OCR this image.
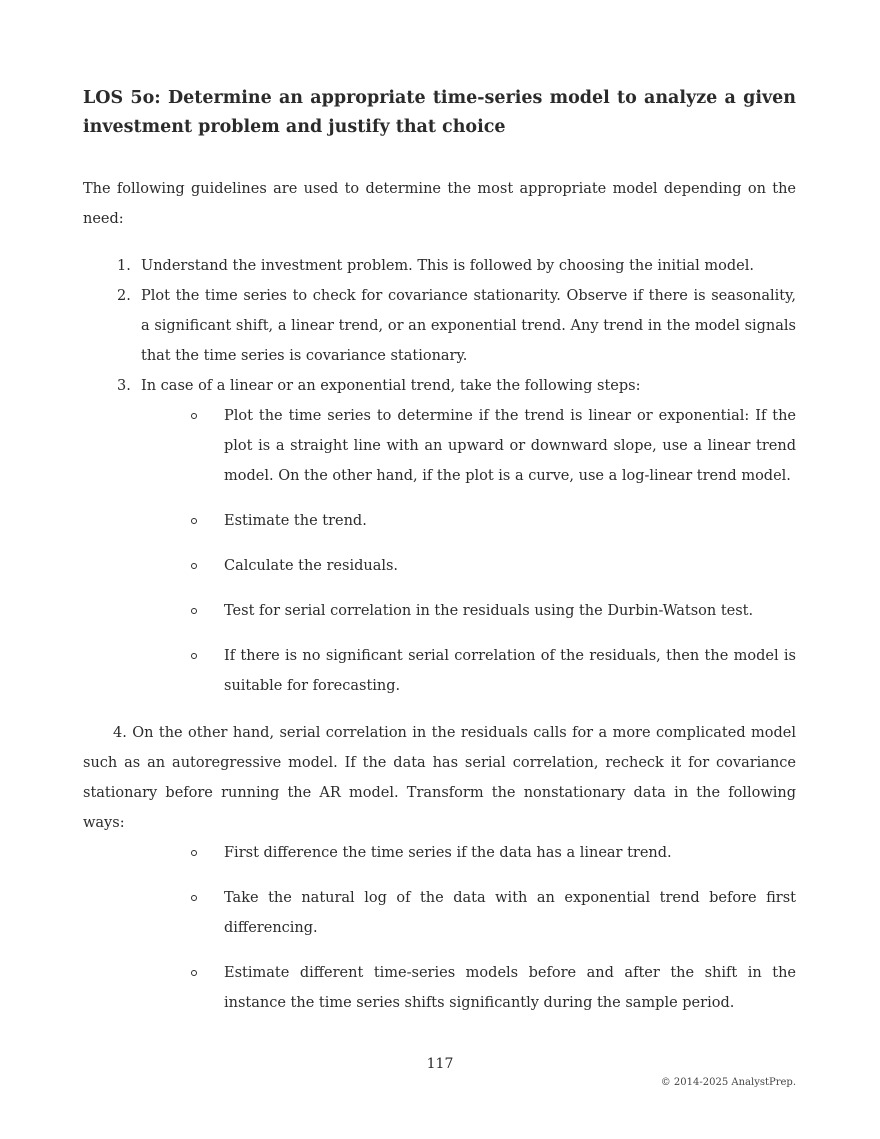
LOS 5o: Determine an appropriate time-series model to analyze a given investment problem and justify that choice

The following guidelines are used to determine the most appropriate model depending on the need:

1. Understand the investment problem. This is followed by choosing the initial model.
2. Plot the time series to check for covariance stationarity. Observe if there is seasonality, a significant shift, a linear trend, or an exponential trend. Any trend in the model signals that the time series is covariance stationary.
3. In case of a linear or an exponential trend, take the following steps:
Plot the time series to determine if the trend is linear or exponential: If the plot is a straight line with an upward or downward slope, use a linear trend model. On the other hand, if the plot is a curve, use a log-linear trend model.
Estimate the trend.
Calculate the residuals.
Test for serial correlation in the residuals using the Durbin-Watson test.
If there is no significant serial correlation of the residuals, then the model is suitable for forecasting.

4. On the other hand, serial correlation in the residuals calls for a more complicated model such as an autoregressive model. If the data has serial correlation, recheck it for covariance stationary before running the AR model. Transform the nonstationary data in the following ways:

First difference the time series if the data has a linear trend.
Take the natural log of the data with an exponential trend before first differencing.
Estimate different time-series models before and after the shift in the instance the time series shifts significantly during the sample period.
117
© 2014-2025 AnalystPrep.
